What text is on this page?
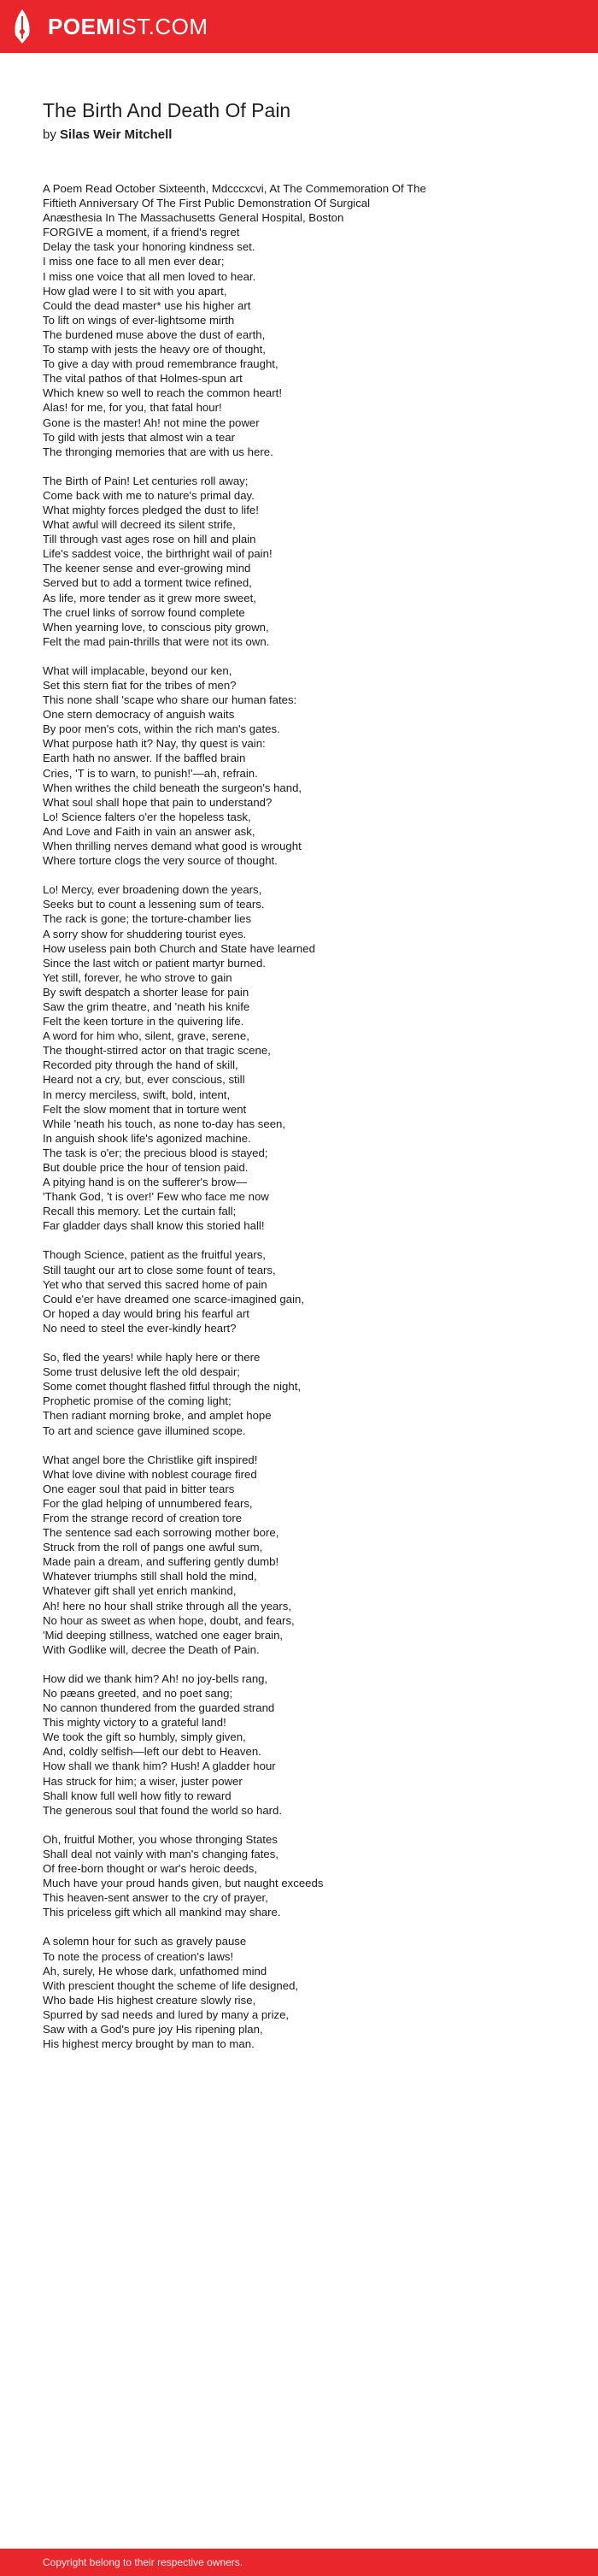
POEMIST.COM
The Birth And Death Of Pain
by Silas Weir Mitchell

A Poem Read October Sixteenth, Mdcccxcvi, At The Commemoration Of The

Fiftieth Anniversary Of The First Public Demonstration Of Surgical

Anæsthesia In The Massachusetts General Hospital, Boston

FORGIVE a moment, if a friend's regret

Delay the task your honoring kindness set.

I miss one face to all men ever dear;

I miss one voice that all men loved to hear.

How glad were I to sit with you apart,

Could the dead master* use his higher art

To lift on wings of ever-lightsome mirth

The burdened muse above the dust of earth,

To stamp with jests the heavy ore of thought,

To give a day with proud remembrance fraught,

The vital pathos of that Holmes-spun art

Which knew so well to reach the common heart!

Alas! for me, for you, that fatal hour!

Gone is the master! Ah! not mine the power

To gild with jests that almost win a tear

The thronging memories that are with us here.

The Birth of Pain! Let centuries roll away;

Come back with me to nature's primal day.

What mighty forces pledged the dust to life!

What awful will decreed its silent strife,

Till through vast ages rose on hill and plain

Life's saddest voice, the birthright wail of pain!

The keener sense and ever-growing mind

Served but to add a torment twice refined,

As life, more tender as it grew more sweet,

The cruel links of sorrow found complete

When yearning love, to conscious pity grown,

Felt the mad pain-thrills that were not its own.

What will implacable, beyond our ken,

Set this stern fiat for the tribes of men?

This none shall 'scape who share our human fates:

One stern democracy of anguish waits

By poor men's cots, within the rich man's gates.

What purpose hath it? Nay, thy quest is vain:

Earth hath no answer. If the baffled brain

Cries, 'T is to warn, to punish!'—ah, refrain.

When writhes the child beneath the surgeon's hand,

What soul shall hope that pain to understand?

Lo! Science falters o'er the hopeless task,

And Love and Faith in vain an answer ask,

When thrilling nerves demand what good is wrought

Where torture clogs the very source of thought.

Lo! Mercy, ever broadening down the years,

Seeks but to count a lessening sum of tears.

The rack is gone; the torture-chamber lies

A sorry show for shuddering tourist eyes.

How useless pain both Church and State have learned

Since the last witch or patient martyr burned.

Yet still, forever, he who strove to gain

By swift despatch a shorter lease for pain

Saw the grim theatre, and 'neath his knife

Felt the keen torture in the quivering life.

A word for him who, silent, grave, serene,

The thought-stirred actor on that tragic scene,

Recorded pity through the hand of skill,

Heard not a cry, but, ever conscious, still

In mercy merciless, swift, bold, intent,

Felt the slow moment that in torture went

While 'neath his touch, as none to-day has seen,

In anguish shook life's agonized machine.

The task is o'er; the precious blood is stayed;

But double price the hour of tension paid.

A pitying hand is on the sufferer's brow—

'Thank God, 't is over!' Few who face me now

Recall this memory. Let the curtain fall;

Far gladder days shall know this storied hall!

Though Science, patient as the fruitful years,

Still taught our art to close some fount of tears,

Yet who that served this sacred home of pain

Could e'er have dreamed one scarce-imagined gain,

Or hoped a day would bring his fearful art

No need to steel the ever-kindly heart?

So, fled the years! while haply here or there

Some trust delusive left the old despair;

Some comet thought flashed fitful through the night,

Prophetic promise of the coming light;

Then radiant morning broke, and amplet hope

To art and science gave illumined scope.

What angel bore the Christlike gift inspired!

What love divine with noblest courage fired

One eager soul that paid in bitter tears

For the glad helping of unnumbered fears,

From the strange record of creation tore

The sentence sad each sorrowing mother bore,

Struck from the roll of pangs one awful sum,

Made pain a dream, and suffering gently dumb!

Whatever triumphs still shall hold the mind,

Whatever gift shall yet enrich mankind,

Ah! here no hour shall strike through all the years,

No hour as sweet as when hope, doubt, and fears,

'Mid deeping stillness, watched one eager brain,

With Godlike will, decree the Death of Pain.

How did we thank him? Ah! no joy-bells rang,

No pæans greeted, and no poet sang;

No cannon thundered from the guarded strand

This mighty victory to a grateful land!

We took the gift so humbly, simply given,

And, coldly selfish—left our debt to Heaven.

How shall we thank him? Hush! A gladder hour

Has struck for him; a wiser, juster power

Shall know full well how fitly to reward

The generous soul that found the world so hard.

Oh, fruitful Mother, you whose thronging States

Shall deal not vainly with man's changing fates,

Of free-born thought or war's heroic deeds,

Much have your proud hands given, but naught exceeds

This heaven-sent answer to the cry of prayer,

This priceless gift which all mankind may share.

A solemn hour for such as gravely pause

To note the process of creation's laws!

Ah, surely, He whose dark, unfathomed mind

With prescient thought the scheme of life designed,

Who bade His highest creature slowly rise,

Spurred by sad needs and lured by many a prize,

Saw with a God's pure joy His ripening plan,

His highest mercy brought by man to man.

Copyright belong to their respective owners.
